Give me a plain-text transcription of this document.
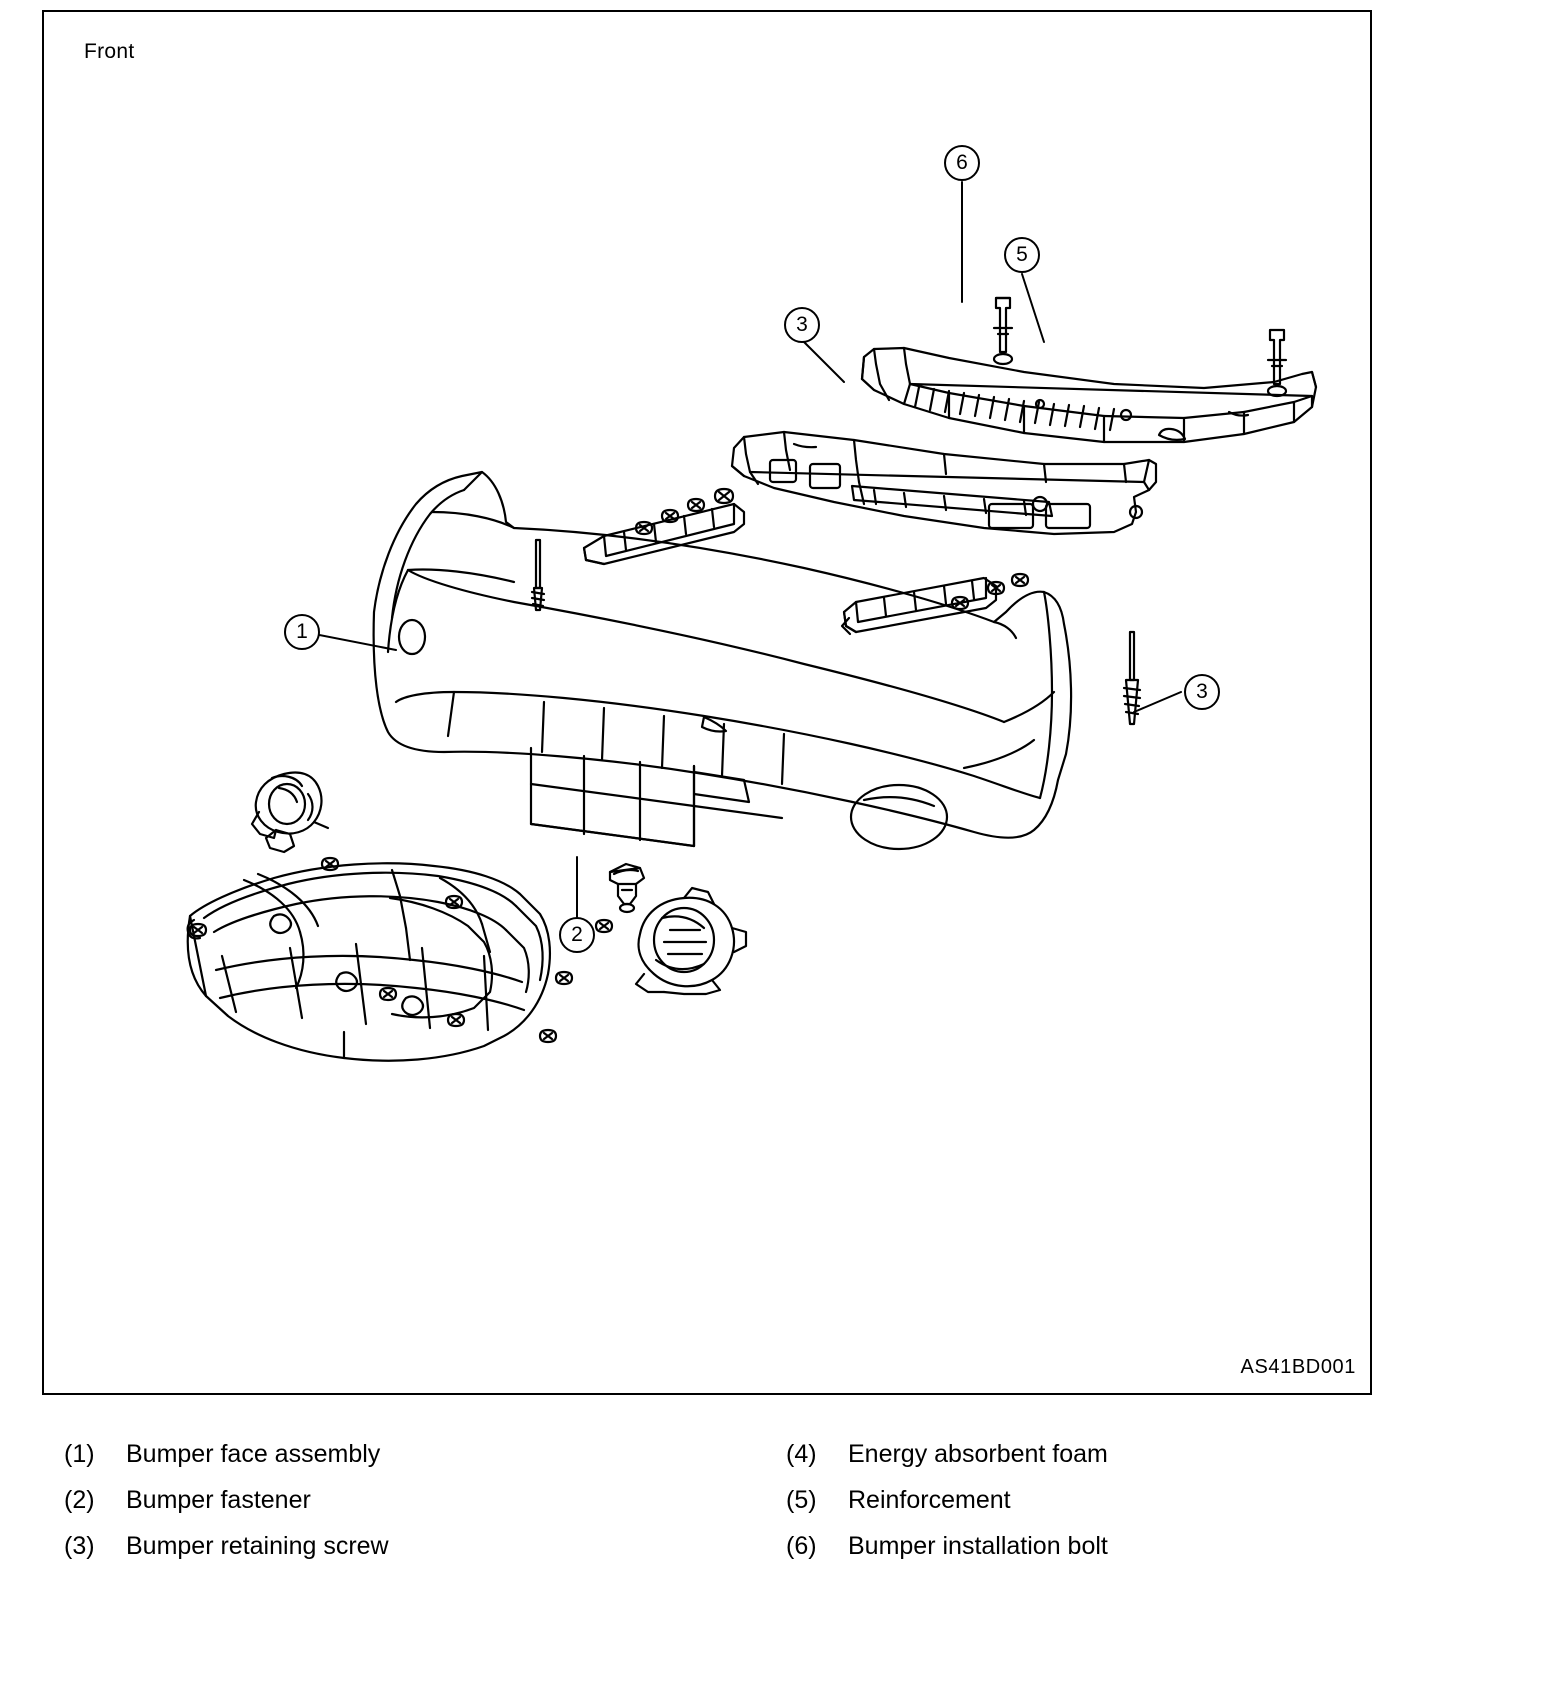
Front
1
2
3
3
5
6
AS41BD001
(1)	Bumper face assembly
(2)	Bumper fastener
(3)	Bumper retaining screw
(4)	Energy absorbent foam
(5)	Reinforcement
(6)	Bumper installation bolt
